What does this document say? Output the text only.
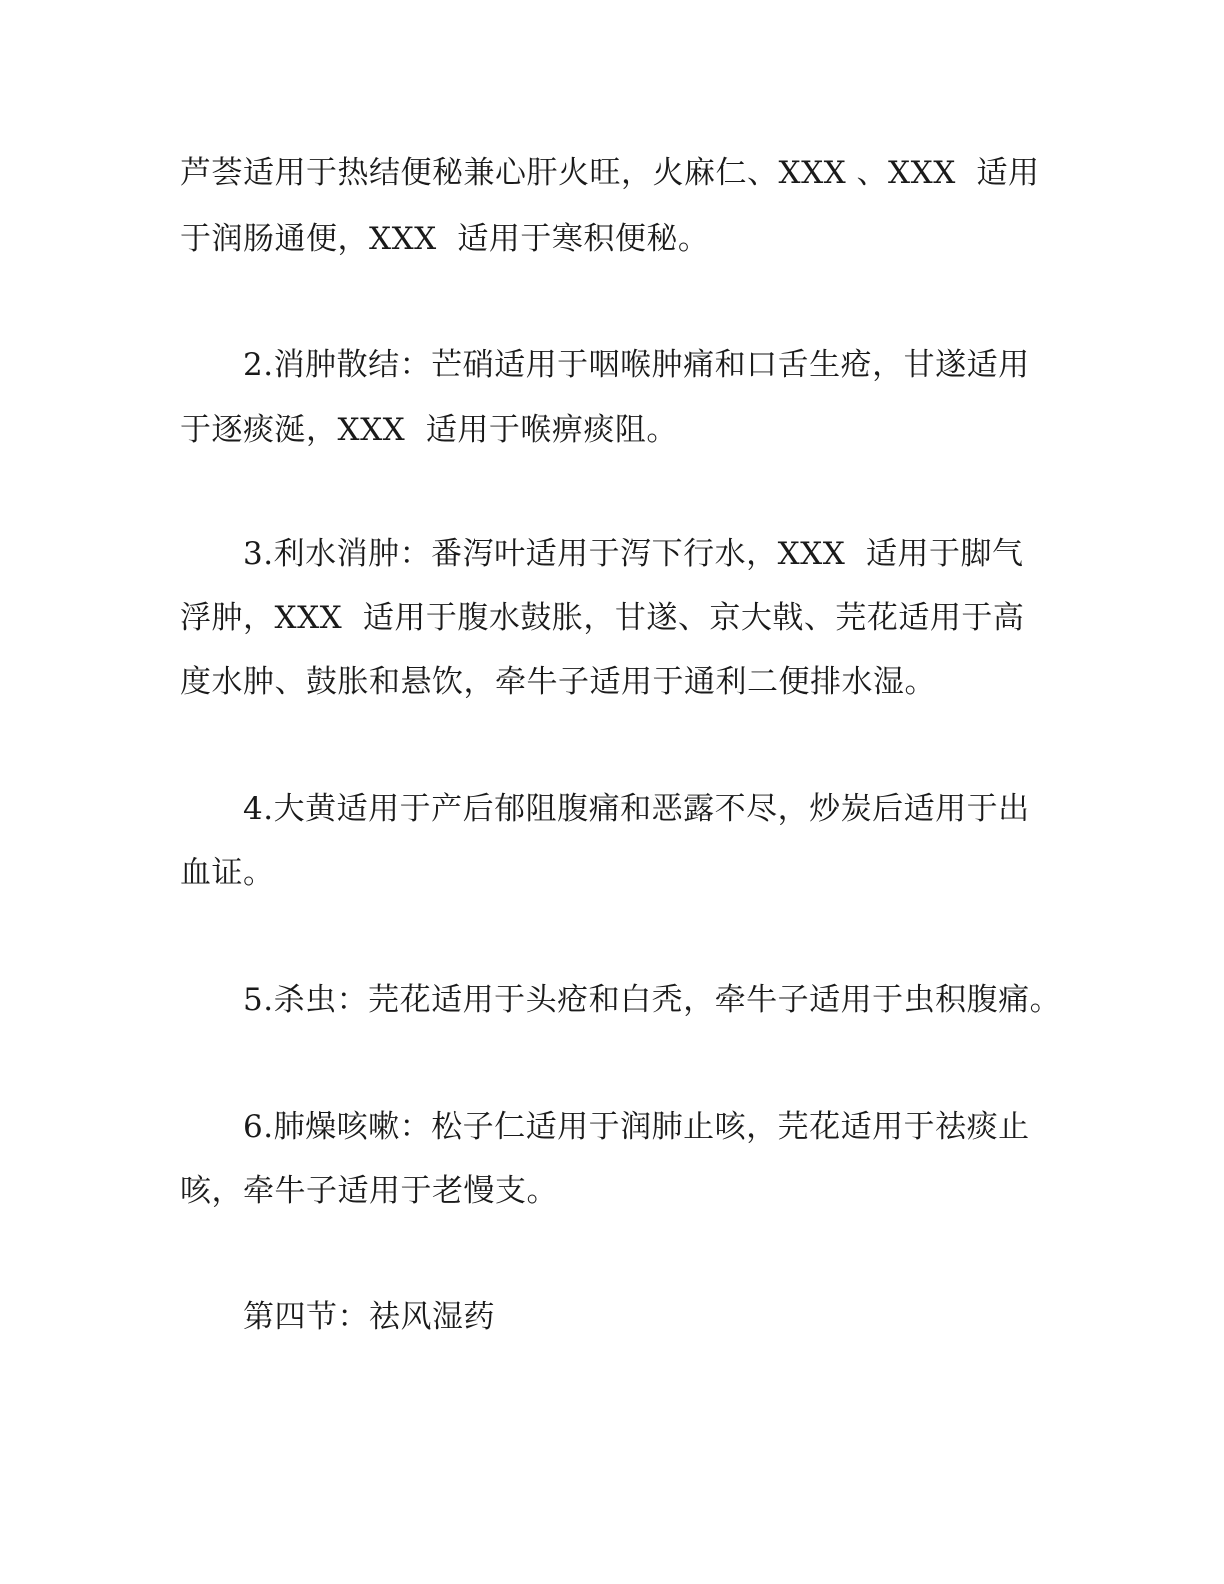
芦荟适用于热结便秘兼心肝火旺，火麻仁、XXX 、XXX  适用
于润肠通便，XXX  适用于寒积便秘。
2.消肿散结：芒硝适用于咽喉肿痛和口舌生疮，甘遂适用
于逐痰涎，XXX  适用于喉痹痰阻。
3.利水消肿：番泻叶适用于泻下行水，XXX  适用于脚气
浮肿，XXX  适用于腹水鼓胀，甘遂、京大戟、芫花适用于高
度水肿、鼓胀和悬饮，牵牛子适用于通利二便排水湿。
4.大黄适用于产后郁阻腹痛和恶露不尽，炒炭后适用于出
血证。
5.杀虫：芫花适用于头疮和白秃，牵牛子适用于虫积腹痛。
6.肺燥咳嗽：松子仁适用于润肺止咳，芫花适用于祛痰止
咳，牵牛子适用于老慢支。
第四节：祛风湿药
